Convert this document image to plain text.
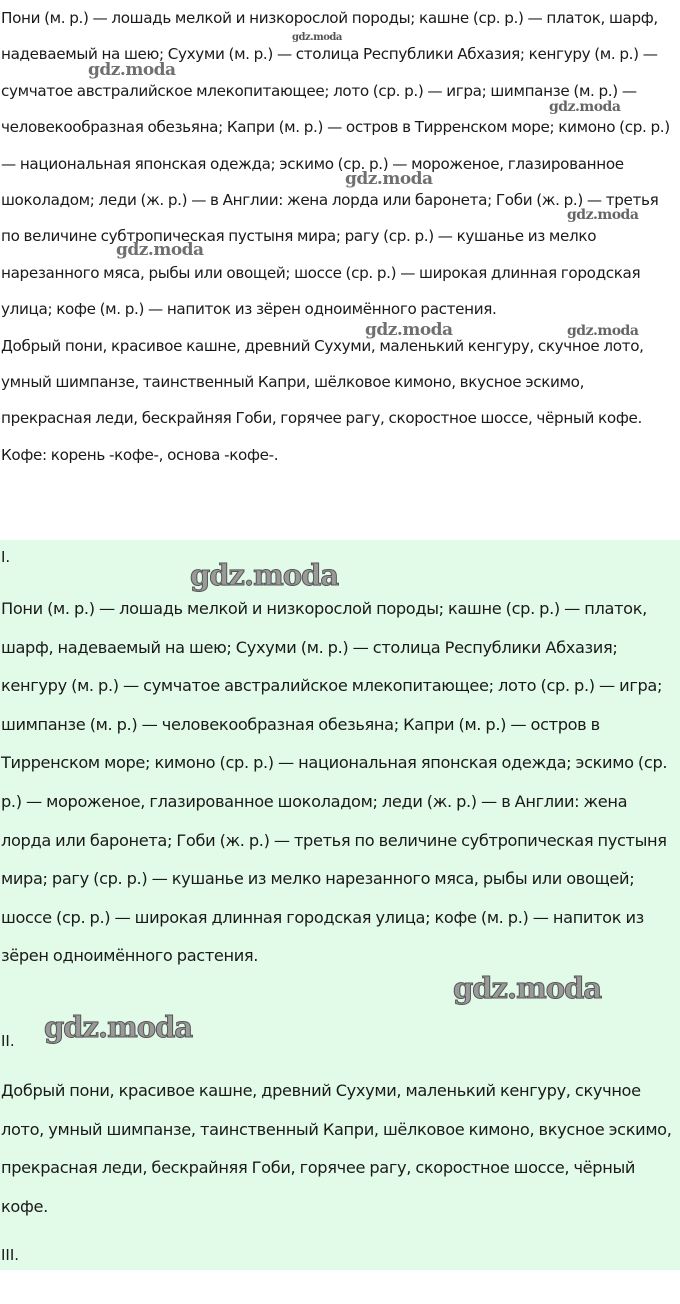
Пони (м. р.) — лошадь мелкой и низкорослой породы; кашне (ср. р.) — платок, шарф, надеваемый на шею; Сухуми (м. р.) — столица Республики Абхазия; кенгуру (м. р.) — сумчатое австралийское млекопитающее; лото (ср. р.) — игра; шимпанзе (м. р.) — человекообразная обезьяна; Капри (м. р.) — остров в Тирренском море; кимоно (ср. р.) — национальная японская одежда; эскимо (ср. р.) — мороженое, глазированное шоколадом; леди (ж. р.) — в Англии: жена лорда или баронета; Гоби (ж. р.) — третья по величине субтропическая пустыня мира; рагу (ср. р.) — кушанье из мелко нарезанного мяса, рыбы или овощей; шоссе (ср. р.) — широкая длинная городская улица; кофе (м. р.) — напиток из зёрен одноимённого растения.

Добрый пони, красивое кашне, древний Сухуми, маленький кенгуру, скучное лото, умный шимпанзе, таинственный Капри, шёлковое кимоно, вкусное эскимо, прекрасная леди, бескрайняя Гоби, горячее рагу, скоростное шоссе, чёрный кофе.

Кофе: корень -кофе-, основа -кофе-.

I.

Пони (м. р.) — лошадь мелкой и низкорослой породы; кашне (ср. р.) — платок, шарф, надеваемый на шею; Сухуми (м. р.) — столица Республики Абхазия; кенгуру (м. р.) — сумчатое австралийское млекопитающее; лото (ср. р.) — игра; шимпанзе (м. р.) — человекообразная обезьяна; Капри (м. р.) — остров в Тирренском море; кимоно (ср. р.) — национальная японская одежда; эскимо (ср. р.) — мороженое, глазированное шоколадом; леди (ж. р.) — в Англии: жена лорда или баронета; Гоби (ж. р.) — третья по величине субтропическая пустыня мира; рагу (ср. р.) — кушанье из мелко нарезанного мяса, рыбы или овощей; шоссе (ср. р.) — широкая длинная городская улица; кофе (м. р.) — напиток из зёрен одноимённого растения.

II.

Добрый пони, красивое кашне, древний Сухуми, маленький кенгуру, скучное лото, умный шимпанзе, таинственный Капри, шёлковое кимоно, вкусное эскимо, прекрасная леди, бескрайняя Гоби, горячее рагу, скоростное шоссе, чёрный кофе.

III.

gdz.moda
gdz.moda
gdz.moda
gdz.moda
gdz.moda
gdz.moda
gdz.moda	gdz.moda
gdz.moda
gdz.moda
gdz.moda
